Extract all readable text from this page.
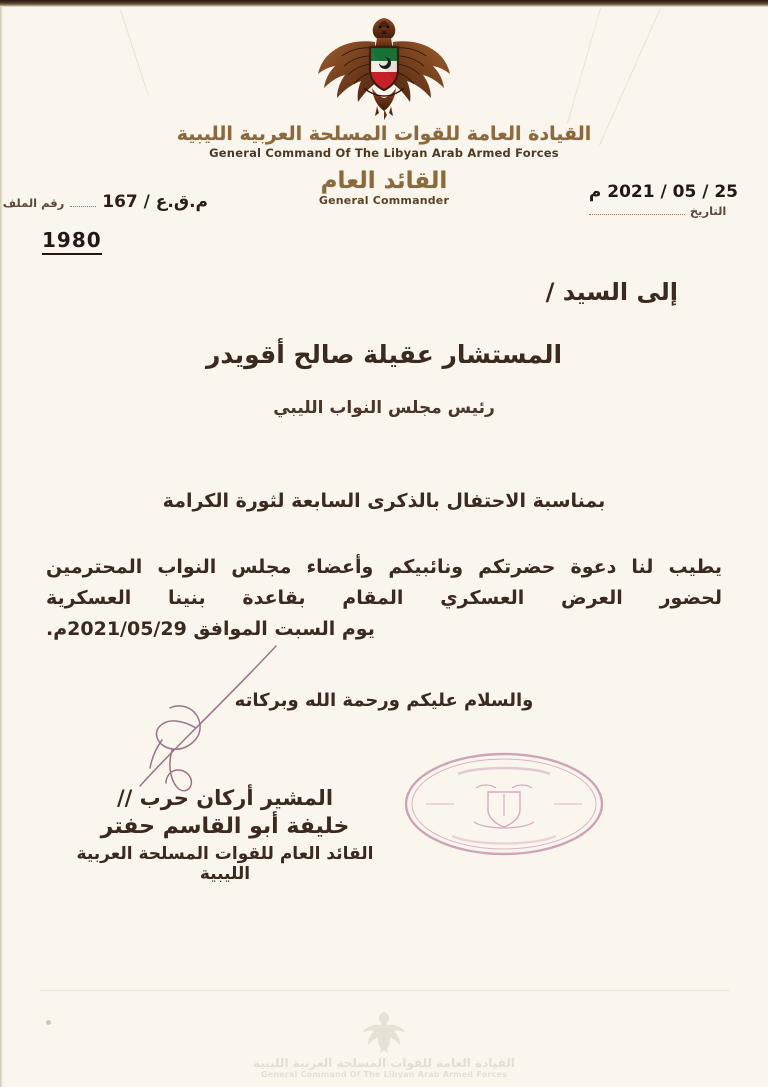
القيادة العامة للقوات المسلحة العربية الليبية
General Command Of The Libyan Arab Armed Forces
القائد العام
General Commander
م.ق.ع / 167
رقم الملف
1980
25 / 05 / 2021 م
التاريخ
إلى السيد /
المستشار عقيلة صالح أقويدر
رئيس مجلس النواب الليبي
بمناسبة الاحتفال بالذكرى السابعة لثورة الكرامة
يطيب لنا دعوة حضرتكم ونائبيكم وأعضاء مجلس النواب المحترمين
لحضور العرض العسكري المقام بقاعدة بنينا العسكرية
يوم السبت الموافق 2021/05/29م.
والسلام عليكم ورحمة الله وبركاته
المشير أركان حرب //
خليفة أبو القاسم حفتر
القائد العام للقوات المسلحة العربية الليبية
القيادة العامة للقوات المسلحة العربية الليبية
General Command Of The Libyan Arab Armed Forces
